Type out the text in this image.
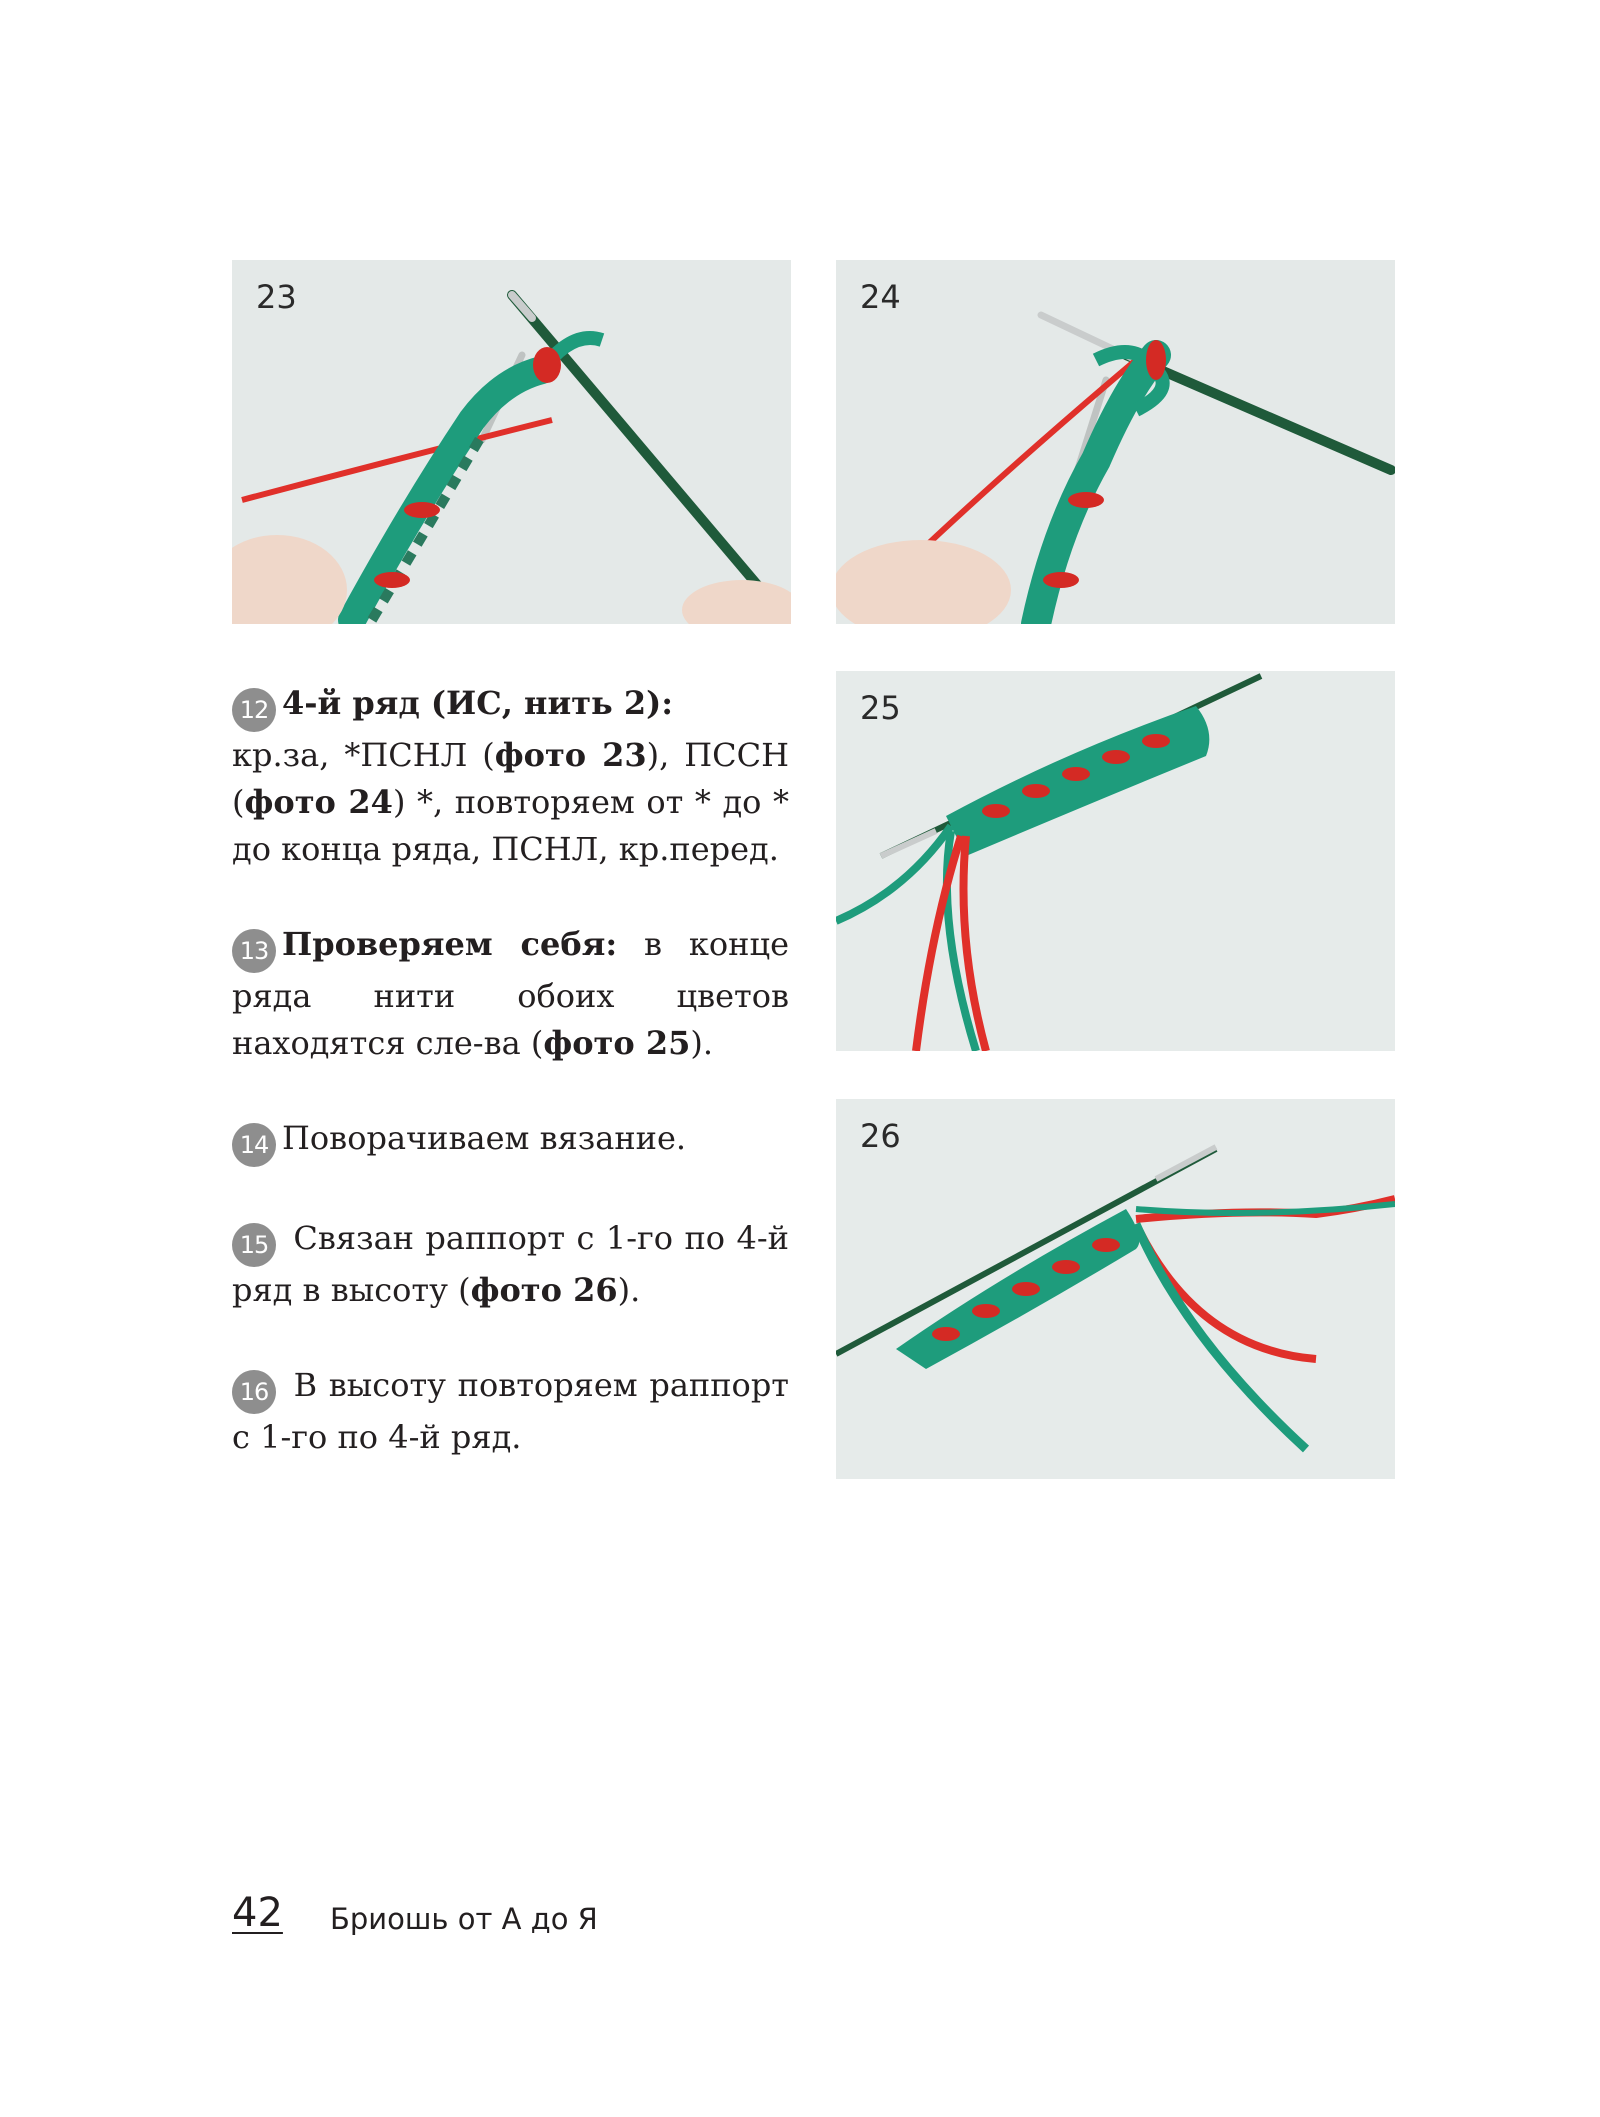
23	24
25
26

12 4-й ряд (ИС, нить 2):
кр.за, *ПСНЛ (фото 23), ПССН (фото 24) *, повторяем от * до * до конца ряда, ПСНЛ, кр.перед.

13 Проверяем себя: в конце ряда нити обоих цветов находятся сле-ва (фото 25).

14 Поворачиваем вязание.

15 Связан раппорт с 1-го по 4-й ряд в высоту (фото 26).

16 В высоту повторяем раппорт с 1-го по 4-й ряд.

42 Бриошь от А до Я
